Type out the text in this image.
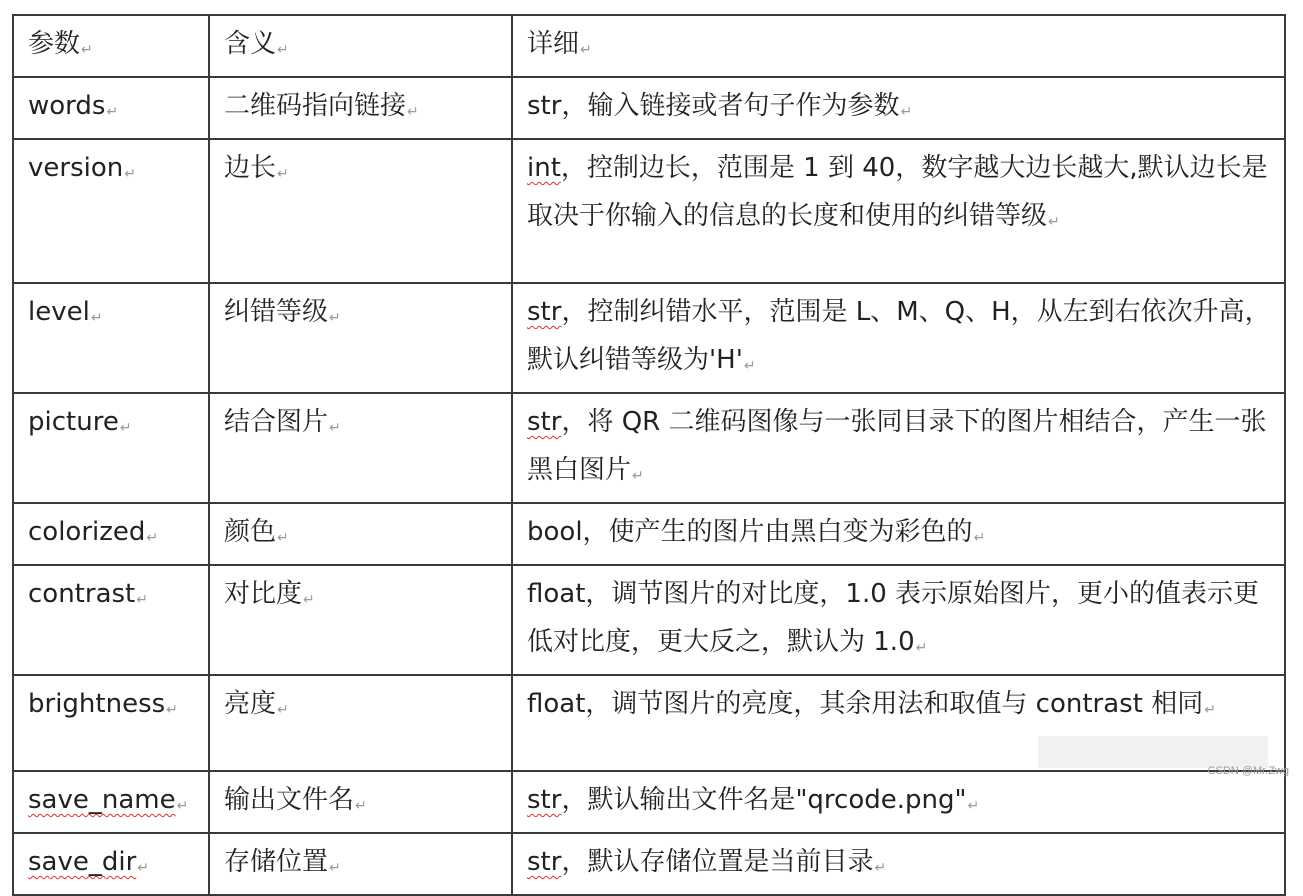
参数↵	含义↵	详细↵
words↵	二维码指向链接↵	str，输入链接或者句子作为参数↵
version↵	边长↵	int，控制边长，范围是 1 到 40，数字越大边长越大,默认边长是取决于你输入的信息的长度和使用的纠错等级↵
level↵	纠错等级↵	str，控制纠错水平，范围是 L、M、Q、H，从左到右依次升高，默认纠错等级为'H'↵
picture↵	结合图片↵	str，将 QR 二维码图像与一张同目录下的图片相结合，产生一张黑白图片↵
colorized↵	颜色↵	bool，使产生的图片由黑白变为彩色的↵
contrast↵	对比度↵	float，调节图片的对比度，1.0 表示原始图片，更小的值表示更低对比度，更大反之，默认为 1.0↵
brightness↵	亮度↵	float，调节图片的亮度，其余用法和取值与 contrast 相同↵
save_name↵	输出文件名↵	str，默认输出文件名是"qrcode.png"↵
save_dir↵	存储位置↵	str，默认存储位置是当前目录↵
CSDN @Mr.Zwg
